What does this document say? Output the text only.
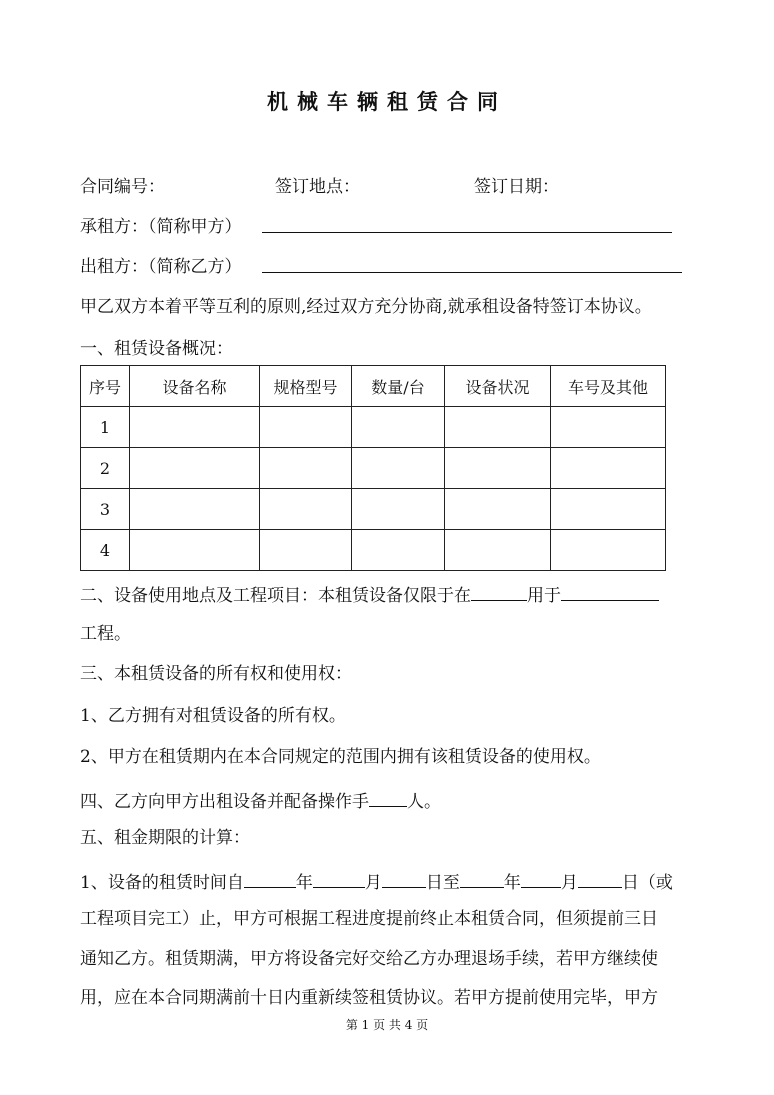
机械车辆租赁合同
合同编号：	签订地点：	签订日期：
承租方：（简称甲方）
出租方：（简称乙方）
甲乙双方本着平等互利的原则,经过双方充分协商,就承租设备特签订本协议。
一、租赁设备概况：
序号	设备名称	规格型号	数量/台	设备状况	车号及其他
1					
2					
3					
4					
二、设备使用地点及工程项目：本租赁设备仅限于在	用于
工程。
三、本租赁设备的所有权和使用权：
1、乙方拥有对租赁设备的所有权。
2、甲方在租赁期内在本合同规定的范围内拥有该租赁设备的使用权。
四、乙方向甲方出租设备并配备操作手 人。
五、租金期限的计算：
1、设备的租赁时间自	年	月	日至	年 月	日（或
工程项目完工）止，甲方可根据工程进度提前终止本租赁合同，但须提前三日
通知乙方。租赁期满，甲方将设备完好交给乙方办理退场手续，若甲方继续使
用，应在本合同期满前十日内重新续签租赁协议。若甲方提前使用完毕，甲方
第 1 页 共 4 页
